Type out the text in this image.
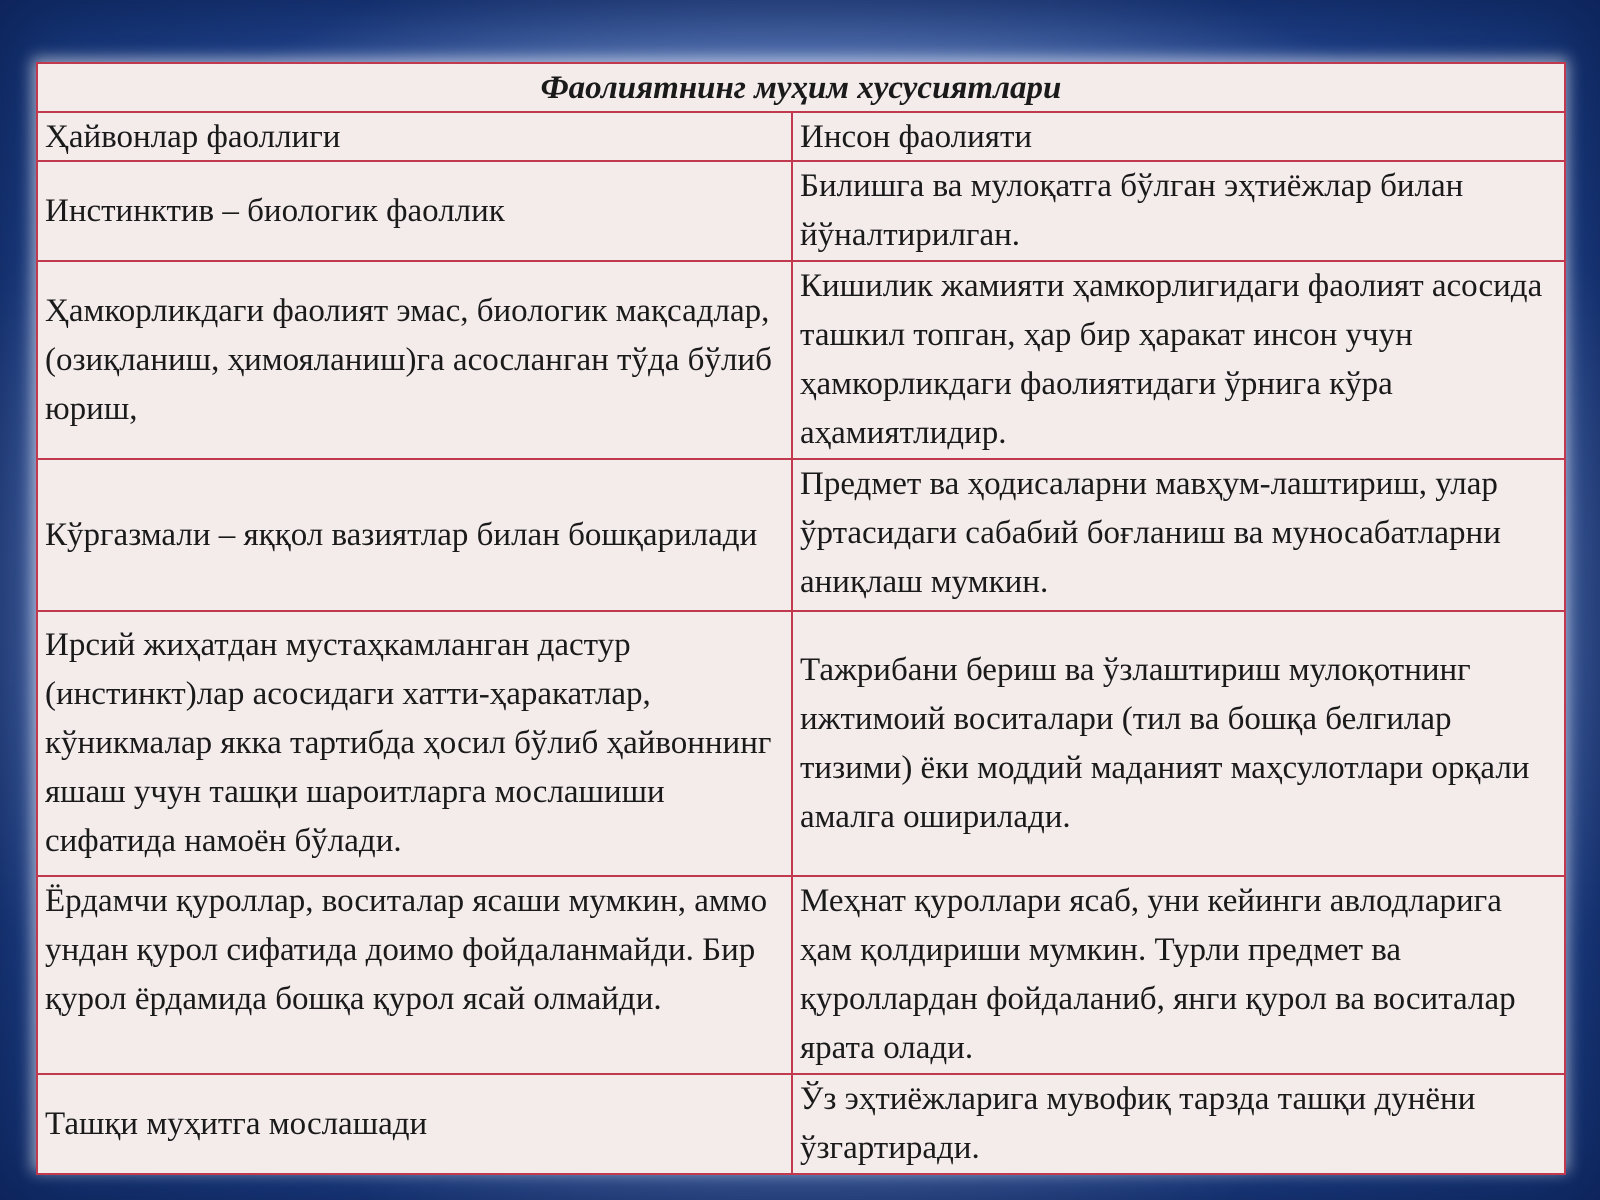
Фаолиятнинг муҳим хусусиятлари	
Ҳайвонлар фаоллиги	Инсон фаолияти
Инстинктив – биологик фаоллик	Билишга ва мулоқатга бўлган эҳтиёжлар билан йўналтирилган.
Ҳамкорликдаги фаолият эмас, биологик мақсадлар, (озиқланиш, ҳимояланиш)га асосланган тўда бўлиб юриш,	Кишилик жамияти ҳамкорлигидаги фаолият асосида ташкил топган, ҳар бир ҳаракат инсон учун ҳамкорликдаги фаолиятидаги ўрнига кўра аҳамиятлидир.
Кўргазмали – яққол вазиятлар билан бошқарилади	Предмет ва ҳодисаларни мавҳум-лаштириш, улар ўртасидаги сабабий боғланиш ва муносабатларни аниқлаш мумкин.
Ирсий жиҳатдан мустаҳкамланган дастур (инстинкт)лар асосидаги хатти-ҳаракатлар, кўникмалар якка тартибда ҳосил бўлиб ҳайвоннинг яшаш учун ташқи шароитларга мослашиши сифатида намоён бўлади.	Тажрибани бериш ва ўзлаштириш мулоқотнинг ижтимоий воситалари (тил ва бошқа белгилар тизими) ёки моддий маданият маҳсулотлари орқали амалга оширилади.
Ёрдамчи қуроллар, воситалар ясаши мумкин, аммо ундан қурол сифатида доимо фойдаланмайди. Бир қурол ёрдамида бошқа қурол ясай олмайди.	Меҳнат қуроллари ясаб, уни кейинги авлодларига ҳам қолдириши мумкин. Турли предмет ва қуроллардан фойдаланиб, янги қурол ва воситалар ярата олади.
Ташқи муҳитга мослашади	Ўз эҳтиёжларига мувофиқ тарзда ташқи дунёни ўзгартиради.
